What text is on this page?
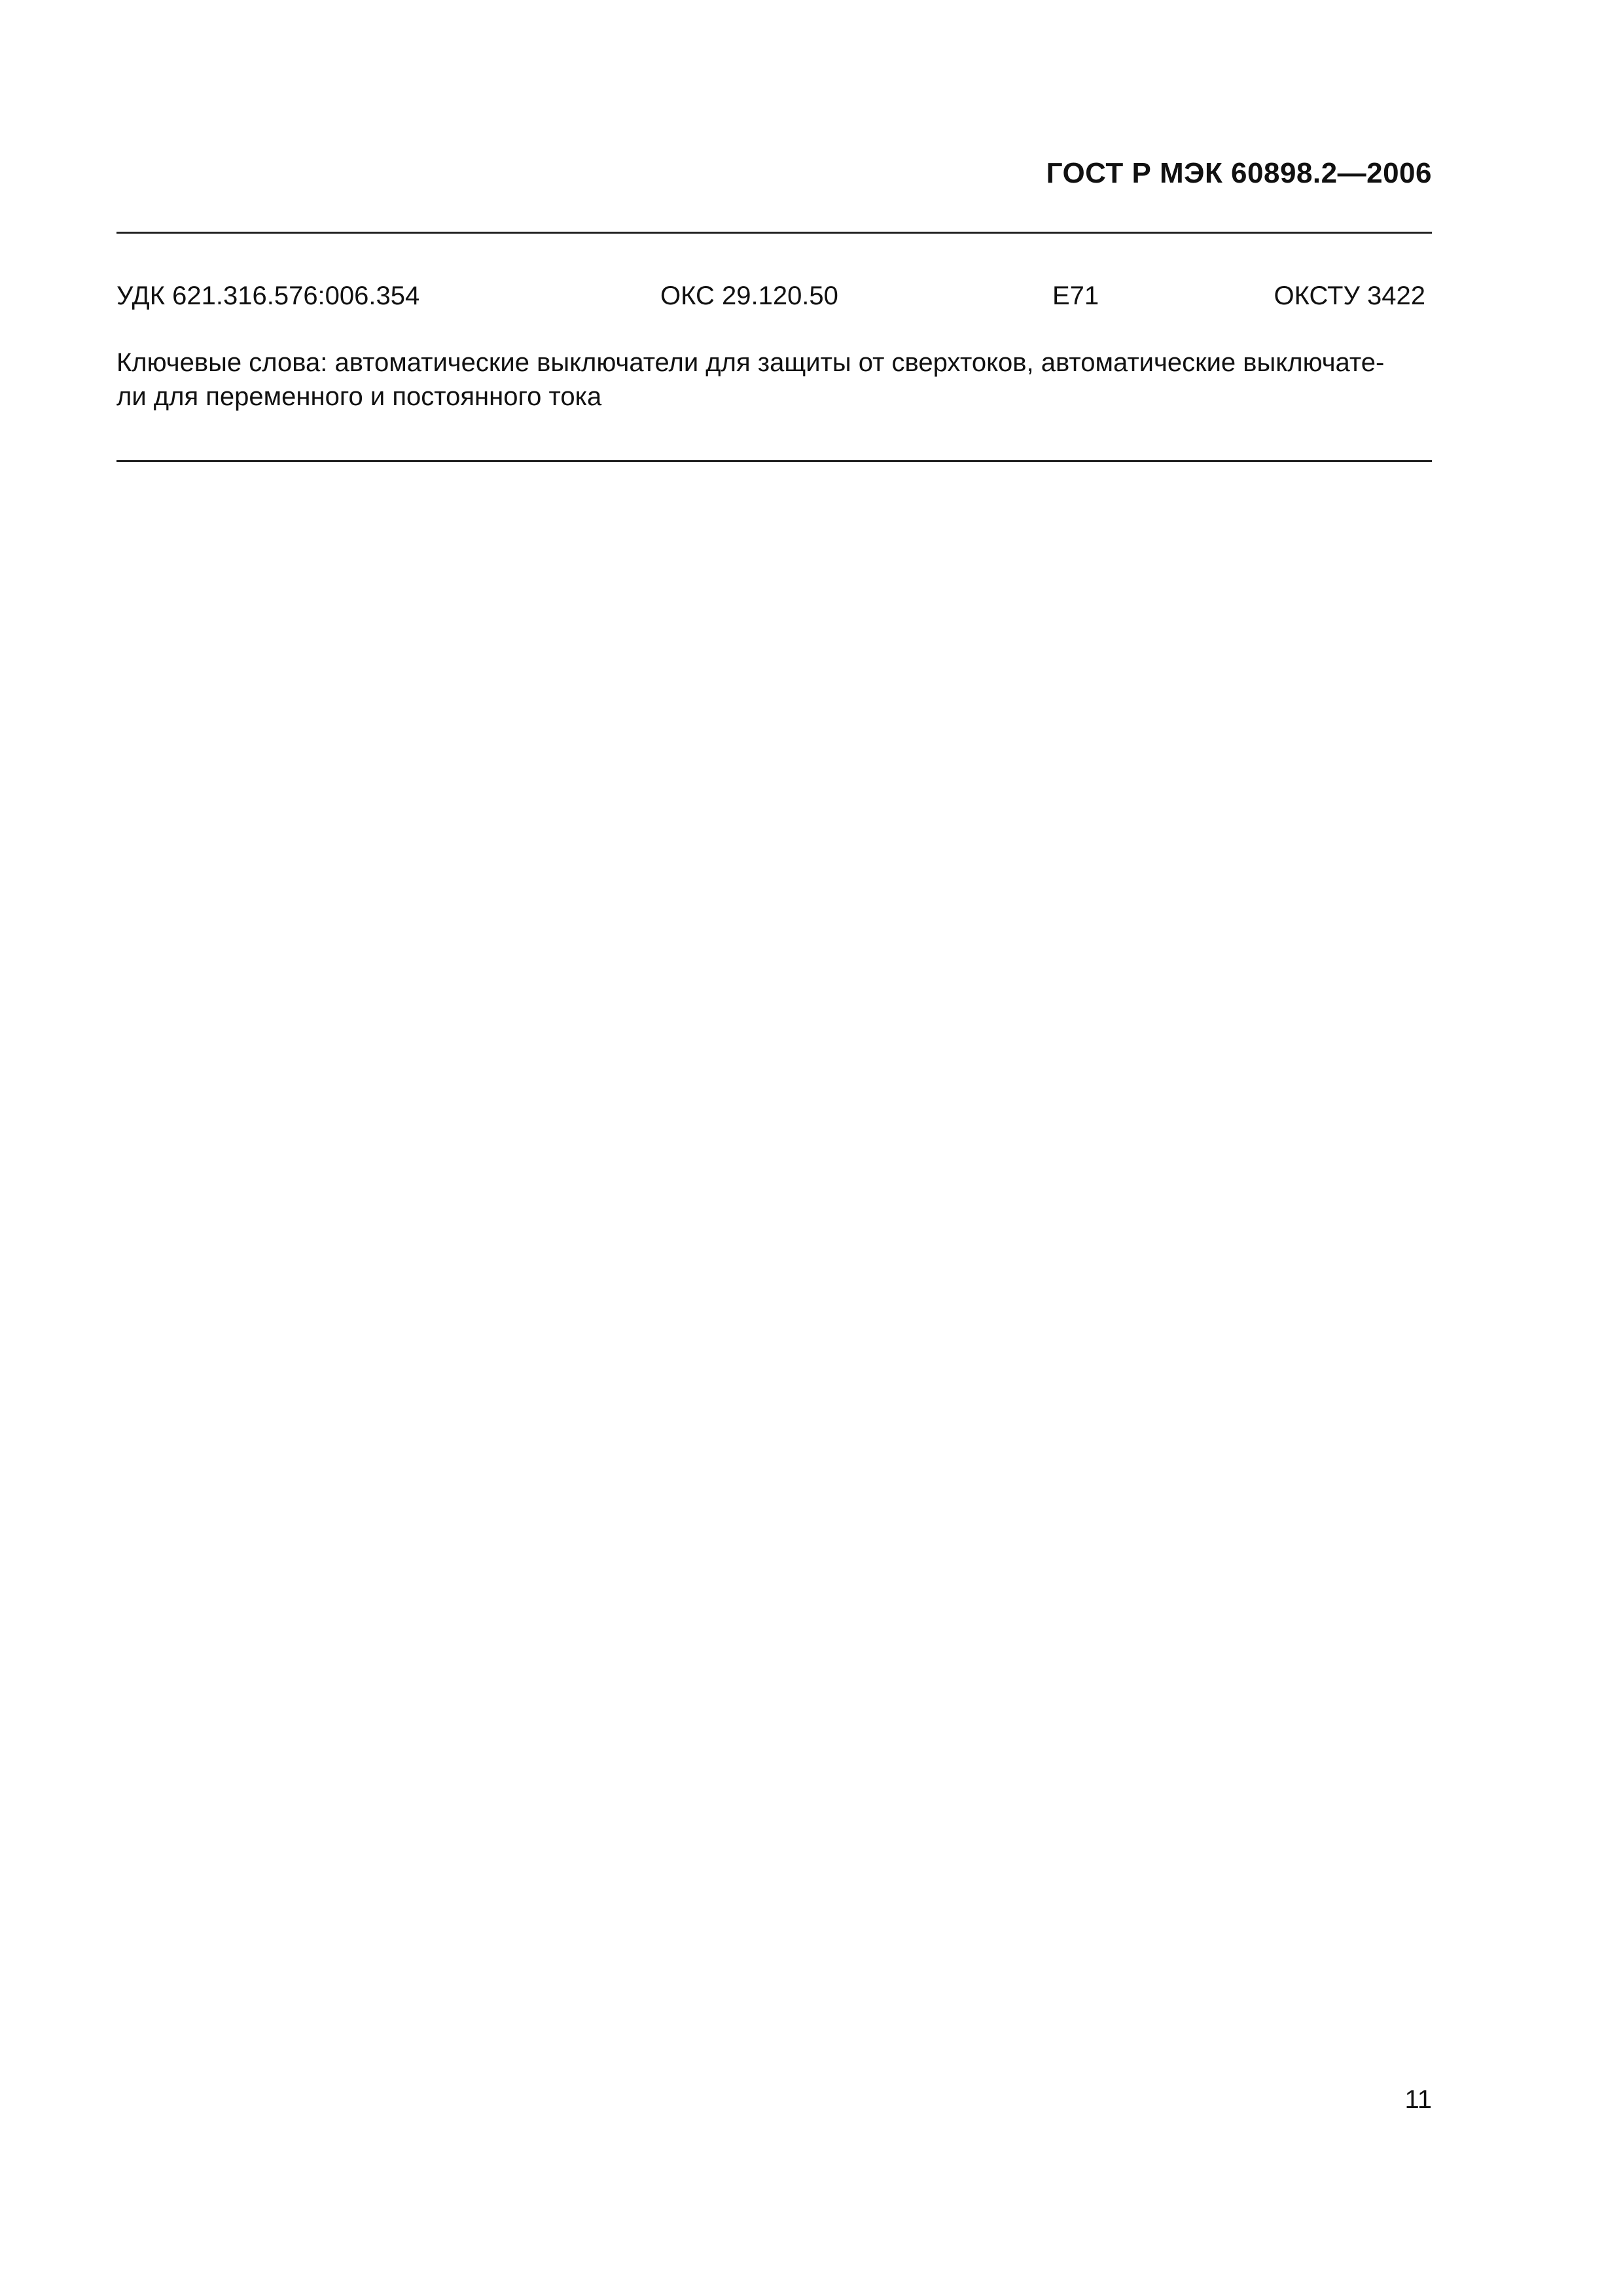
ГОСТ Р МЭК 60898.2—2006
УДК 621.316.576:006.354	ОКС 29.120.50	Е71	ОКСТУ 3422
Ключевые слова: автоматические выключатели для защиты от сверхтоков, автоматические выключате-
ли для переменного и постоянного тока
11
